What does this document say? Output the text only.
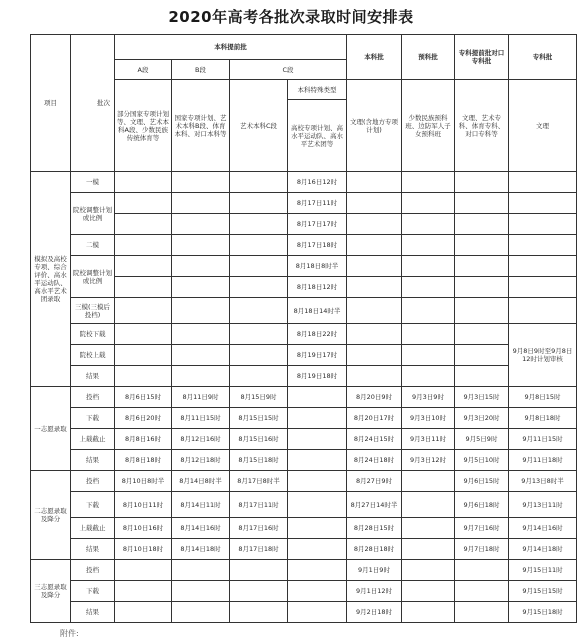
2020年高考各批次录取时间安排表
项目	批次	本科提前批				本科批	预科批	专科提前批对口专科批	专科批
		A段	B段	C段					
		部分国家专项计划等、文理、艺术本科A段、少数民族传统体育等	国家专项计划、艺术本科B段、体育本科、对口本科等	艺术本科C段	本科特殊类型	文理(含地方专项计划)	少数民族预科班、边防军人子女预科班	文理、艺术专科、体育专科、对口专科等	文理
					高校专项计划、高水平运动队、高水平艺术团等				
模拟及高校专项、综合评价、高水平运动队、高水平艺术团录取	一模				8月16日12时				
	院校调整计划或比例				8月17日11时				
					8月17日17时				
	二模				8月17日18时				
	院校调整计划或比例				8月18日8时半				
					8月18日12时				
	三模(三模后投档)				8月18日14时半				
	院校下载				8月18日22时				9月8日9时至9月8日12时计划审核
	院校上载				8月19日17时				
	结果				8月19日18时				
一志愿录取	投档	8月6日15时	8月11日9时	8月15日9时		8月20日9时	9月3日9时	9月3日15时	9月8日15时
	下载	8月6日20时	8月11日15时	8月15日15时		8月20日17时	9月3日10时	9月3日20时	9月8日18时
	上载截止	8月8日16时	8月12日16时	8月15日16时		8月24日15时	9月3日11时	9月5日9时	9月11日15时
	结果	8月8日18时	8月12日18时	8月15日18时		8月24日18时	9月3日12时	9月5日10时	9月11日18时
二志愿录取及降分	投档	8月10日8时半	8月14日8时半	8月17日8时半		8月27日9时		9月6日15时	9月13日8时半
	下载	8月10日11时	8月14日11时	8月17日11时		8月27日14时半		9月6日18时	9月13日11时
	上载截止	8月10日16时	8月14日16时	8月17日16时		8月28日15时		9月7日16时	9月14日16时
	结果	8月10日18时	8月14日18时	8月17日18时		8月28日18时		9月7日18时	9月14日18时
三志愿录取及降分	投档					9月1日9时			9月15日11时
	下载					9月1日12时			9月15日15时
	结果					9月2日18时			9月15日18时
附件:
